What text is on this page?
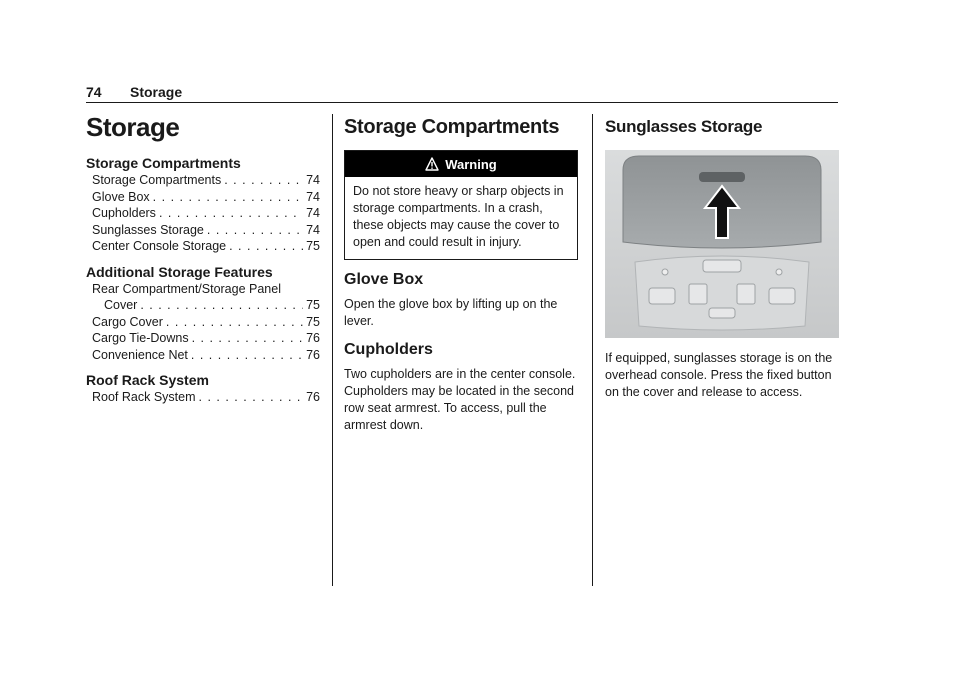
74 Storage
Storage
Storage Compartments
Storage Compartments . . .	74
Glove Box . . .	74
Cupholders . . .	74
Sunglasses Storage . . .	74
Center Console Storage . . .	75
Additional Storage Features
Rear Compartment/Storage Panel
Cover . . .	75
Cargo Cover . . .	75
Cargo Tie-Downs . . .	76
Convenience Net . . .	76
Roof Rack System
Roof Rack System . . .	76
Storage Compartments
Warning
Do not store heavy or sharp objects in storage compartments. In a crash, these objects may cause the cover to open and could result in injury.
Glove Box

Open the glove box by lifting up on the lever.

Cupholders

Two cupholders are in the center console. Cupholders may be located in the second row seat armrest. To access, pull the armrest down.

Sunglasses Storage

If equipped, sunglasses storage is on the overhead console. Press the fixed button on the cover and release to access.
